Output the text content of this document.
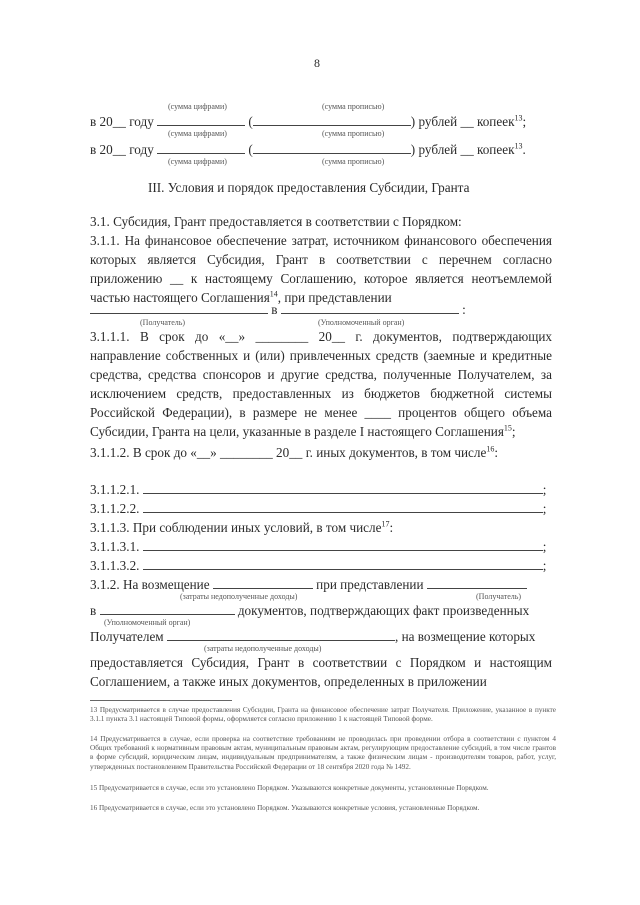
8
(сумма цифрами)	(сумма прописью)
в 20__ году	(	) рублей __ копеек$^{13}$;
(сумма цифрами)	(сумма прописью)
в 20__ году	(	) рублей __ копеек$^{13}$.
(сумма цифрами)	(сумма прописью)
III. Условия и порядок предоставления Субсидии, Гранта
3.1. Субсидия, Грант предоставляется в соответствии с Порядком:
3.1.1. На финансовое обеспечение затрат, источником финансового обеспечения которых является Субсидия, Грант в соответствии с перечнем согласно приложению __ к настоящему Соглашению, которое является неотъемлемой частью настоящего Соглашения$^{14}$, при представлении
в	:
(Получатель)	(Уполномоченный орган)
3.1.1.1. В срок до «__» ________ 20__ г. документов, подтверждающих направление собственных и (или) привлеченных средств (заемные и кредитные средства, средства спонсоров и другие средства, полученные Получателем, за исключением средств, предоставленных из бюджетов бюджетной системы Российской Федерации), в размере не менее ____ процентов общего объема Субсидии, Гранта на цели, указанные в разделе I настоящего Соглашения$^{15}$;
3.1.1.2. В срок до «__» ________ 20__ г. иных документов, в том числе$^{16}$:
3.1.1.2.1.	;
3.1.1.2.2.	;
3.1.1.3. При соблюдении иных условий, в том числе$^{17}$:
3.1.1.3.1.	;
3.1.1.3.2.	;
3.1.2. На возмещение	при представлении
(затраты недополученные доходы)	(Получатель)
в	документов, подтверждающих факт произведенных
(Уполномоченный орган)
Получателем	, на возмещение которых
(затраты недополученные доходы)
предоставляется Субсидия, Грант в соответствии с Порядком и настоящим Соглашением, а также иных документов, определенных в приложении
13 Предусматривается в случае предоставления Субсидии, Гранта на финансовое обеспечение затрат Получателя. Приложение, указанное в пункте 3.1.1 пункта 3.1 настоящей Типовой формы, оформляется согласно приложению 1 к настоящей Типовой форме.
14 Предусматривается в случае, если проверка на соответствие требованиям не проводилась при проведении отбора в соответствии с пунктом 4 Общих требований к нормативным правовым актам, муниципальным правовым актам, регулирующим предоставление субсидий, в том числе грантов в форме субсидий, юридическим лицам, индивидуальным предпринимателям, а также физическим лицам - производителям товаров, работ, услуг, утвержденных постановлением Правительства Российской Федерации от 18 сентября 2020 года № 1492.
15 Предусматривается в случае, если это установлено Порядком. Указываются конкретные документы, установленные Порядком.
16 Предусматривается в случае, если это установлено Порядком. Указываются конкретные условия, установленные Порядком.
